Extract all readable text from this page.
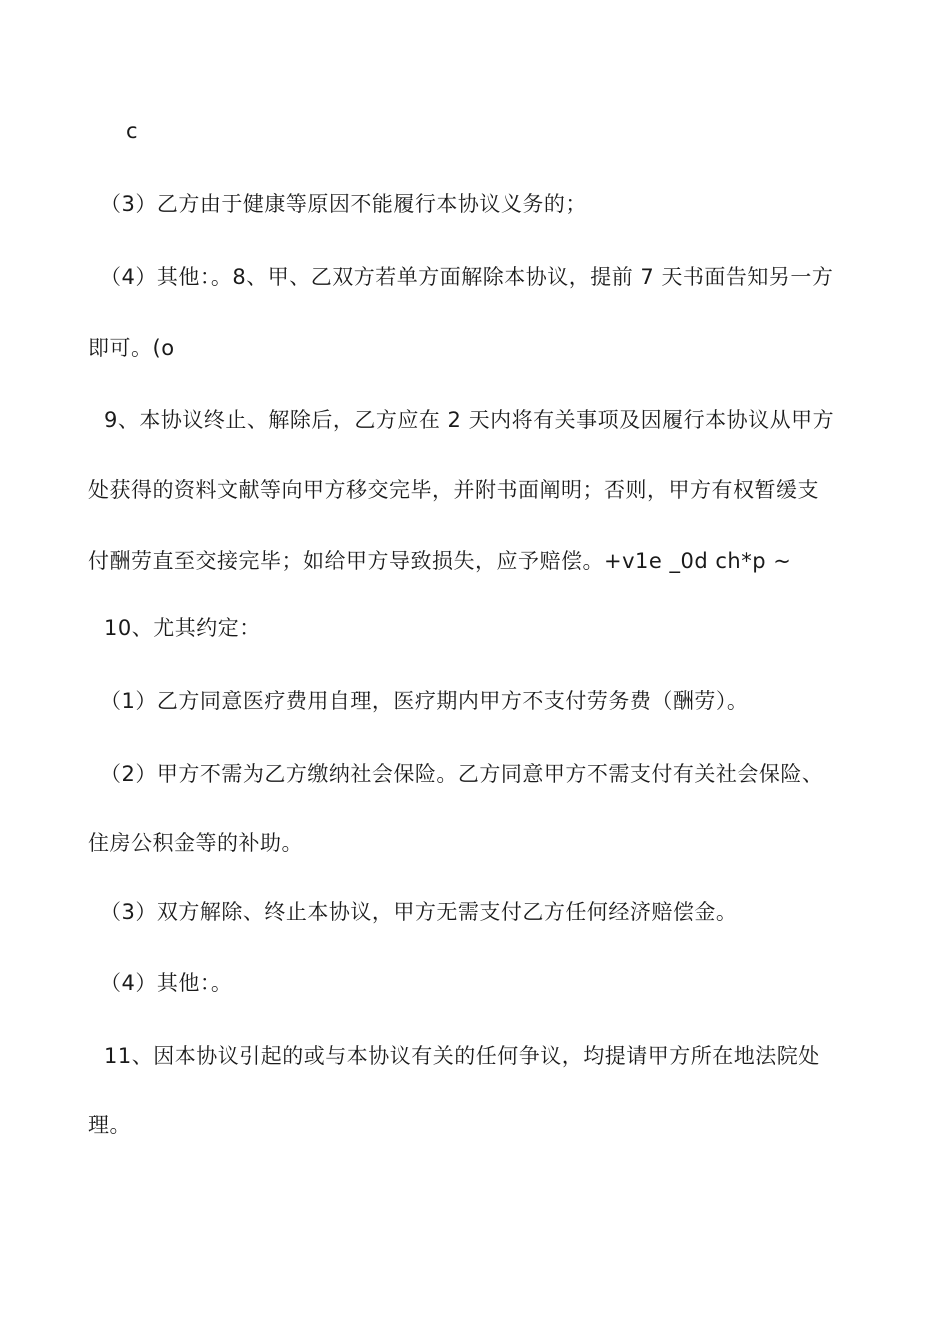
c
（3）乙方由于健康等原因不能履行本协议义务的；
（4）其他：。8、甲、乙双方若单方面解除本协议，提前 7 天书面告知另一方
即可。(o
9、本协议终止、解除后，乙方应在 2 天内将有关事项及因履行本协议从甲方
处获得的资料文献等向甲方移交完毕，并附书面阐明；否则，甲方有权暂缓支
付酬劳直至交接完毕；如给甲方导致损失，应予赔偿。+v1e _0d ch*p ~
10、尤其约定：
（1）乙方同意医疗费用自理，医疗期内甲方不支付劳务费（酬劳）。
（2）甲方不需为乙方缴纳社会保险。乙方同意甲方不需支付有关社会保险、
住房公积金等的补助。
（3）双方解除、终止本协议，甲方无需支付乙方任何经济赔偿金。
（4）其他：。
11、因本协议引起的或与本协议有关的任何争议，均提请甲方所在地法院处
理。
